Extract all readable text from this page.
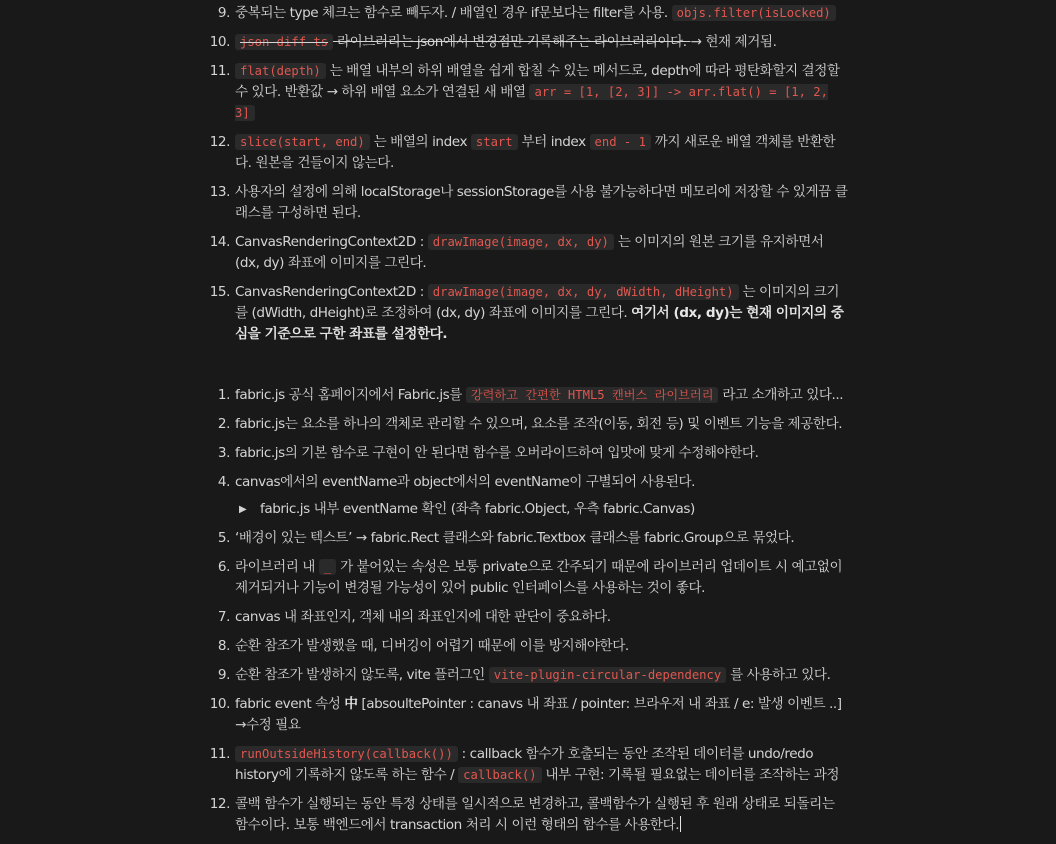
9. 중복되는 type 체크는 함수로 빼두자. / 배열인 경우 if문보다는 filter를 사용. objs.filter(isLocked)
10. json-diff-ts 라이브러리는 json에서 변경점만 기록해주는 라이브러리이다. → 현재 제거됨.
11. flat(depth) 는 배열 내부의 하위 배열을 쉽게 합칠 수 있는 메서드로, depth에 따라 평탄화할지 결정할 수 있다. 반환값 → 하위 배열 요소가 연결된 새 배열 arr = [1, [2, 3]] -> arr.flat() = [1, 2, 3]
12. slice(start, end) 는 배열의 index start 부터 index end - 1 까지 새로운 배열 객체를 반환한다. 원본을 건들이지 않는다.
13. 사용자의 설정에 의해 localStorage나 sessionStorage를 사용 불가능하다면 메모리에 저장할 수 있게끔 클래스를 구성하면 된다.
14. CanvasRenderingContext2D : drawImage(image, dx, dy) 는 이미지의 원본 크기를 유지하면서 (dx, dy) 좌표에 이미지를 그린다.
15. CanvasRenderingContext2D : drawImage(image, dx, dy, dWidth, dHeight) 는 이미지의 크기를 (dWidth, dHeight)로 조정하여 (dx, dy) 좌표에 이미지를 그린다. 여기서 (dx, dy)는 현재 이미지의 중심을 기준으로 구한 좌표를 설정한다.
1. fabric.js 공식 홈페이지에서 Fabric.js를 강력하고 간편한 HTML5 캔버스 라이브러리 라고 소개하고 있다...
2. fabric.js는 요소를 하나의 객체로 관리할 수 있으며, 요소를 조작(이동, 회전 등) 및 이벤트 기능을 제공한다.
3. fabric.js의 기본 함수로 구현이 안 된다면 함수를 오버라이드하여 입맛에 맞게 수정해야한다.
4. canvas에서의 eventName과 object에서의 eventName이 구별되어 사용된다.
▶ fabric.js 내부 eventName 확인 (좌측 fabric.Object, 우측 fabric.Canvas)
5. ‘배경이 있는 텍스트’ → fabric.Rect 클래스와 fabric.Textbox 클래스를 fabric.Group으로 묶었다.
6. 라이브러리 내 _ 가 붙어있는 속성은 보통 private으로 간주되기 때문에 라이브러리 업데이트 시 예고없이 제거되거나 기능이 변경될 가능성이 있어 public 인터페이스를 사용하는 것이 좋다.
7. canvas 내 좌표인지, 객체 내의 좌표인지에 대한 판단이 중요하다.
8. 순환 참조가 발생했을 때, 디버깅이 어렵기 때문에 이를 방지해야한다.
9. 순환 참조가 발생하지 않도록, vite 플러그인 vite-plugin-circular-dependency 를 사용하고 있다.
10. fabric event 속성 中 [absoultePointer : canavs 내 좌표 / pointer: 브라우저 내 좌표 / e: 발생 이벤트 ..] →수정 필요
11. runOutsideHistory(callback()) : callback 함수가 호출되는 동안 조작된 데이터를 undo/redo history에 기록하지 않도록 하는 함수 / callback() 내부 구현: 기록될 필요없는 데이터를 조작하는 과정
12. 콜백 함수가 실행되는 동안 특정 상태를 일시적으로 변경하고, 콜백함수가 실행된 후 원래 상태로 되돌리는 함수이다. 보통 백엔드에서 transaction 처리 시 이런 형태의 함수를 사용한다.
